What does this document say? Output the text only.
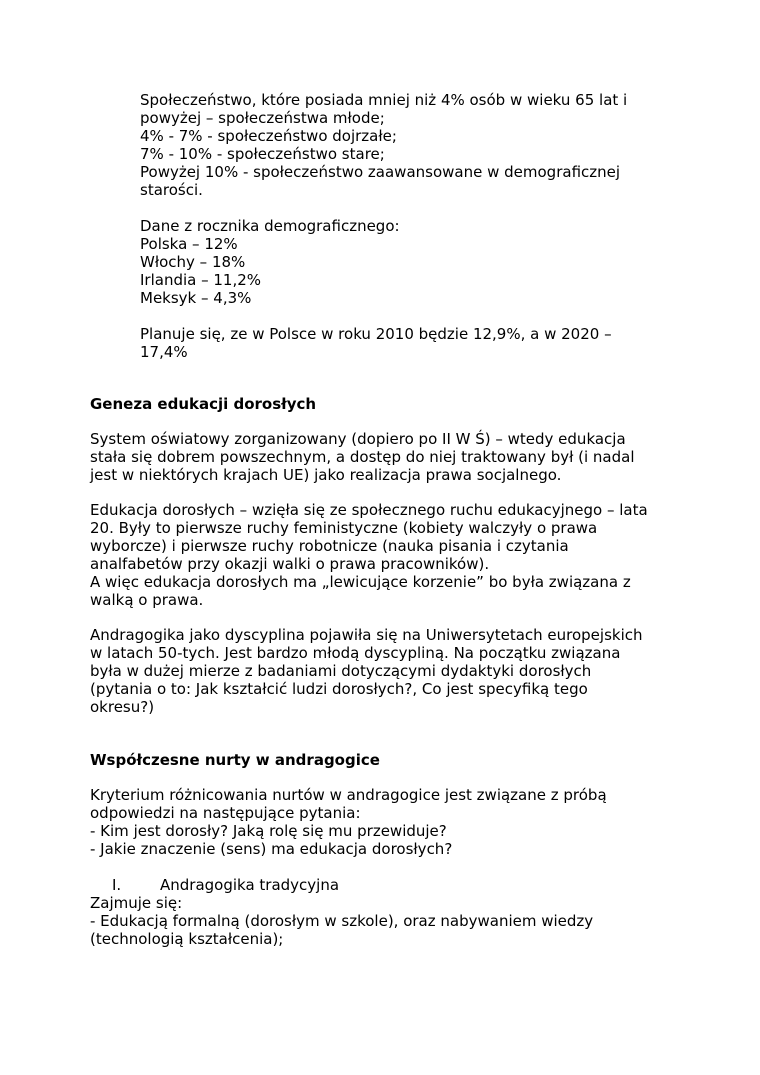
Społeczeństwo, które posiada mniej niż 4% osób w wieku 65 lat i
powyżej – społeczeństwa młode;
4% - 7% - społeczeństwo dojrzałe;
7% - 10% - społeczeństwo stare;
Powyżej 10% - społeczeństwo zaawansowane w demograficznej
starości.
Dane z rocznika demograficznego:
Polska – 12%
Włochy – 18%
Irlandia – 11,2%
Meksyk – 4,3%
Planuje się, ze w Polsce w roku 2010 będzie 12,9%, a w 2020 –
17,4%
Geneza edukacji dorosłych
System oświatowy zorganizowany (dopiero po II W Ś) – wtedy edukacja
stała się dobrem powszechnym, a dostęp do niej traktowany był (i nadal
jest w niektórych krajach UE) jako realizacja prawa socjalnego.
Edukacja dorosłych – wzięła się ze społecznego ruchu edukacyjnego – lata
20. Były to pierwsze ruchy feministyczne (kobiety walczyły o prawa
wyborcze) i pierwsze ruchy robotnicze (nauka pisania i czytania
analfabetów przy okazji walki o prawa pracowników).
A więc edukacja dorosłych ma „lewicujące korzenie” bo była związana z
walką o prawa.
Andragogika jako dyscyplina pojawiła się na Uniwersytetach europejskich
w latach 50-tych. Jest bardzo młodą dyscypliną. Na początku związana
była w dużej mierze z badaniami dotyczącymi dydaktyki dorosłych
(pytania o to: Jak kształcić ludzi dorosłych?, Co jest specyfiką tego
okresu?)
Współczesne nurty w andragogice
Kryterium różnicowania nurtów w andragogice jest związane z próbą
odpowiedzi na następujące pytania:
- Kim jest dorosły? Jaką rolę się mu przewiduje?
- Jakie znaczenie (sens) ma edukacja dorosłych?
I.	Andragogika tradycyjna
Zajmuje się:
- Edukacją formalną (dorosłym w szkole), oraz nabywaniem wiedzy
(technologią kształcenia);
